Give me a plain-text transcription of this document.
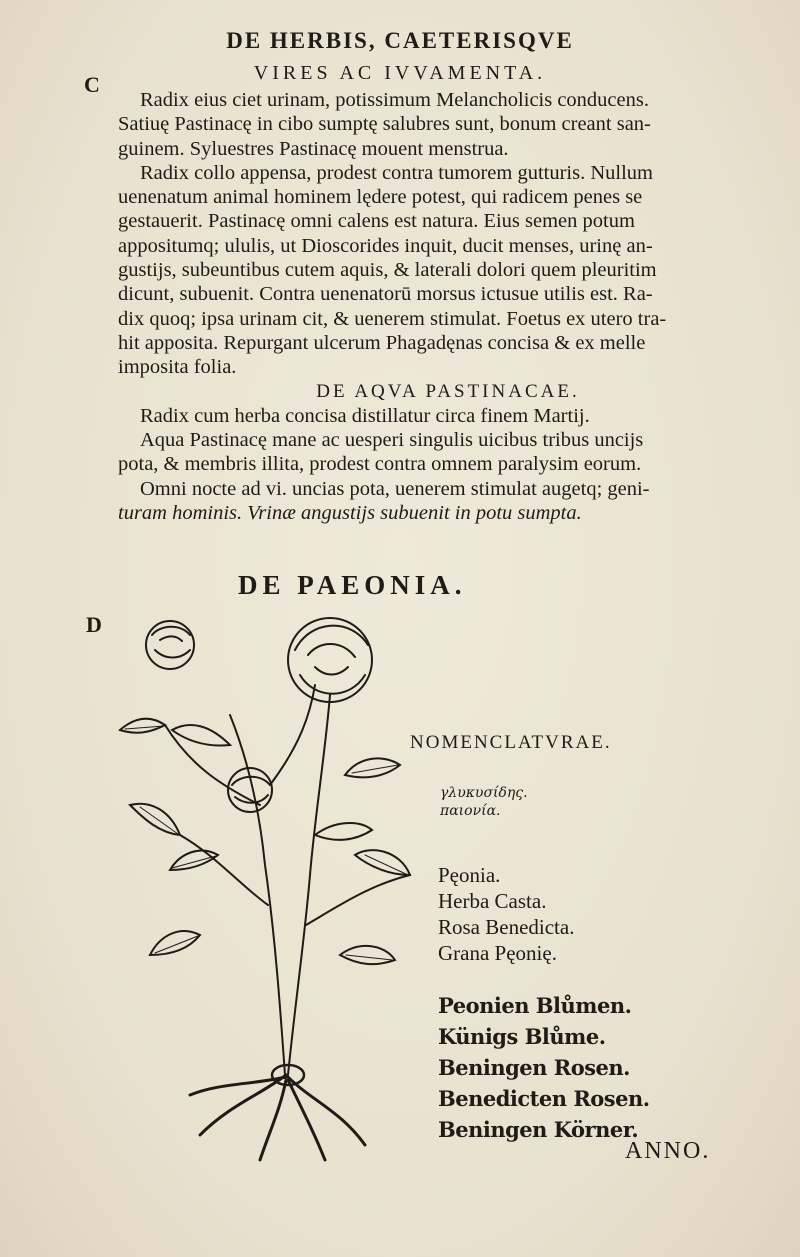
DE HERBIS, CAETERISQVE
VIRES AC IVVAMENTA.
C
D
Radix eius ciet urinam, potissimum Melancholicis conducens.
Satiuę Pastinacę in cibo sumptę salubres sunt, bonum creant san-
guinem. Syluestres Pastinacę mouent menstrua.
Radix collo appensa, prodest contra tumorem gutturis. Nullum
uenenatum animal hominem lędere potest, qui radicem penes se
gestauerit. Pastinacę omni calens est natura. Eius semen potum
appositumq; ululis, ut Dioscorides inquit, ducit menses, urinę an-
gustijs, subeuntibus cutem aquis, & laterali dolori quem pleuritim
dicunt, subuenit. Contra uenenatorū morsus ictusue utilis est. Ra-
dix quoq; ipsa urinam cit, & uenerem stimulat. Foetus ex utero tra-
hit apposita. Repurgant ulcerum Phagadęnas concisa & ex melle
imposita folia.
DE AQVA PASTINACAE.
Radix cum herba concisa distillatur circa finem Martij.
Aqua Pastinacę mane ac uesperi singulis uicibus tribus uncijs
pota, & membris illita, prodest contra omnem paralysim eorum.
Omni nocte ad vi. uncias pota, uenerem stimulat augetq; geni-
turam hominis. Vrinæ angustijs subuenit in potu sumpta.
DE PAEONIA.
NOMENCLATVRAE.
γλυκυσίδης.
παιονία.
Pęonia.
Herba Casta.
Rosa Benedicta.
Grana Pęonię.
Peonien Blůmen.
Künigs Blůme.
Beningen Rosen.
Benedicten Rosen.
Beningen Körner.
ANNO.
